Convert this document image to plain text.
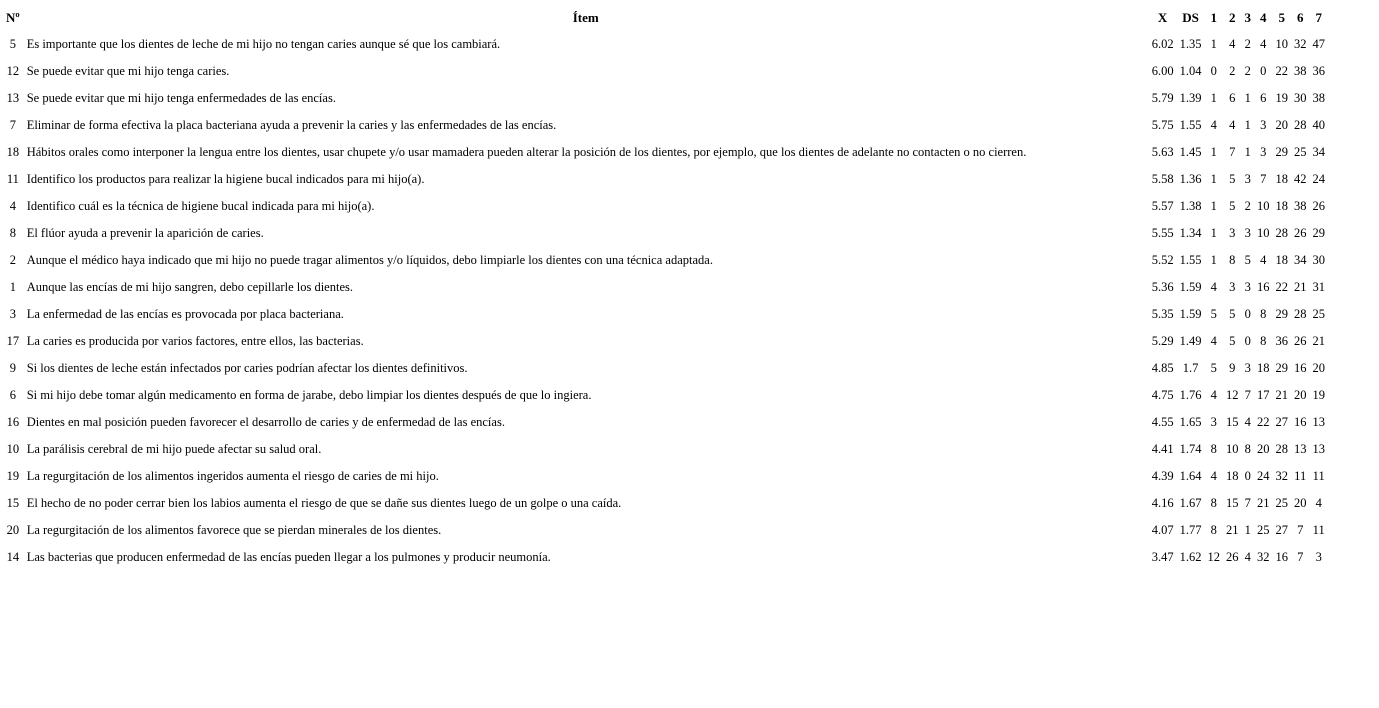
Nº	Ítem	X	DS	1	2	3	4	5	6	7
5	Es importante que los dientes de leche de mi hijo no tengan caries aunque sé que los cambiará.	6.02	1.35	1	4	2	4	10	32	47
12	Se puede evitar que mi hijo tenga caries.	6.00	1.04	0	2	2	0	22	38	36
13	Se puede evitar que mi hijo tenga enfermedades de las encías.	5.79	1.39	1	6	1	6	19	30	38
7	Eliminar de forma efectiva la placa bacteriana ayuda a prevenir la caries y las enfermedades de las encías.	5.75	1.55	4	4	1	3	20	28	40
18	Hábitos orales como interponer la lengua entre los dientes, usar chupete y/o usar mamadera pueden alterar la posición de los dientes, por ejemplo, que los dientes de adelante no contacten o no cierren.	5.63	1.45	1	7	1	3	29	25	34
11	Identifico los productos para realizar la higiene bucal indicados para mi hijo(a).	5.58	1.36	1	5	3	7	18	42	24
4	Identifico cuál es la técnica de higiene bucal indicada para mi hijo(a).	5.57	1.38	1	5	2	10	18	38	26
8	El flúor ayuda a prevenir la aparición de caries.	5.55	1.34	1	3	3	10	28	26	29
2	Aunque el médico haya indicado que mi hijo no puede tragar alimentos y/o líquidos, debo limpiarle los dientes con una técnica adaptada.	5.52	1.55	1	8	5	4	18	34	30
1	Aunque las encías de mi hijo sangren, debo cepillarle los dientes.	5.36	1.59	4	3	3	16	22	21	31
3	La enfermedad de las encías es provocada por placa bacteriana.	5.35	1.59	5	5	0	8	29	28	25
17	La caries es producida por varios factores, entre ellos, las bacterias.	5.29	1.49	4	5	0	8	36	26	21
9	Si los dientes de leche están infectados por caries podrían afectar los dientes definitivos.	4.85	1.7	5	9	3	18	29	16	20
6	Si mi hijo debe tomar algún medicamento en forma de jarabe, debo limpiar los dientes después de que lo ingiera.	4.75	1.76	4	12	7	17	21	20	19
16	Dientes en mal posición pueden favorecer el desarrollo de caries y de enfermedad de las encías.	4.55	1.65	3	15	4	22	27	16	13
10	La parálisis cerebral de mi hijo puede afectar su salud oral.	4.41	1.74	8	10	8	20	28	13	13
19	La regurgitación de los alimentos ingeridos aumenta el riesgo de caries de mi hijo.	4.39	1.64	4	18	0	24	32	11	11
15	El hecho de no poder cerrar bien los labios aumenta el riesgo de que se dañe sus dientes luego de un golpe o una caída.	4.16	1.67	8	15	7	21	25	20	4
20	La regurgitación de los alimentos favorece que se pierdan minerales de los dientes.	4.07	1.77	8	21	1	25	27	7	11
14	Las bacterias que producen enfermedad de las encías pueden llegar a los pulmones y producir neumonía.	3.47	1.62	12	26	4	32	16	7	3
